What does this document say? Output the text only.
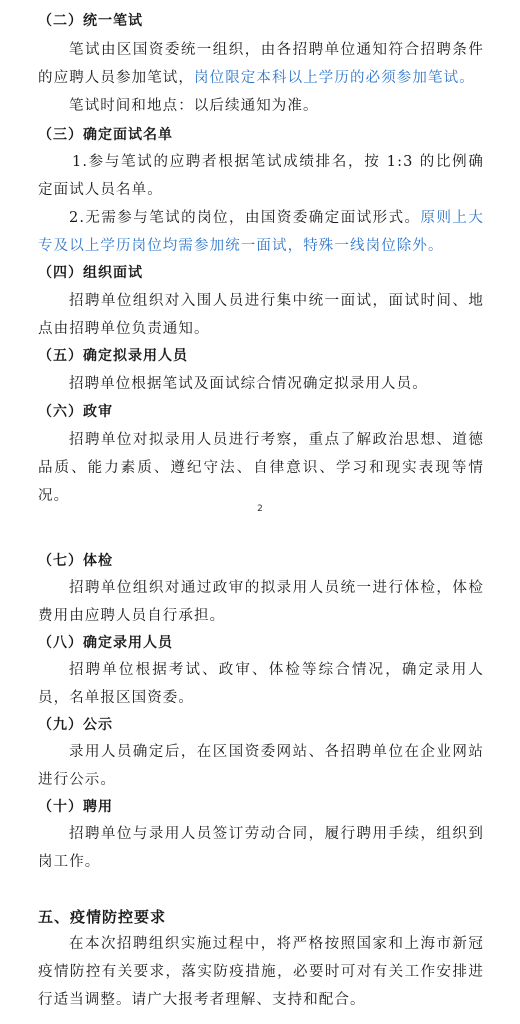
（二）统一笔试

笔试由区国资委统一组织，由各招聘单位通知符合招聘条件的应聘人员参加笔试，岗位限定本科以上学历的必须参加笔试。

笔试时间和地点：以后续通知为准。

（三）确定面试名单

1.参与笔试的应聘者根据笔试成绩排名，按 1:3 的比例确定面试人员名单。

2.无需参与笔试的岗位，由国资委确定面试形式。原则上大专及以上学历岗位均需参加统一面试，特殊一线岗位除外。

（四）组织面试

招聘单位组织对入围人员进行集中统一面试，面试时间、地点由招聘单位负责通知。

（五）确定拟录用人员

招聘单位根据笔试及面试综合情况确定拟录用人员。

（六）政审

招聘单位对拟录用人员进行考察，重点了解政治思想、道德品质、能力素质、遵纪守法、自律意识、学习和现实表现等情况。

2
（七）体检

招聘单位组织对通过政审的拟录用人员统一进行体检，体检费用由应聘人员自行承担。

（八）确定录用人员

招聘单位根据考试、政审、体检等综合情况，确定录用人员，名单报区国资委。

（九）公示

录用人员确定后，在区国资委网站、各招聘单位在企业网站进行公示。

（十）聘用

招聘单位与录用人员签订劳动合同，履行聘用手续，组织到岗工作。

五、疫情防控要求

在本次招聘组织实施过程中，将严格按照国家和上海市新冠疫情防控有关要求，落实防疫措施，必要时可对有关工作安排进行适当调整。请广大报考者理解、支持和配合。
